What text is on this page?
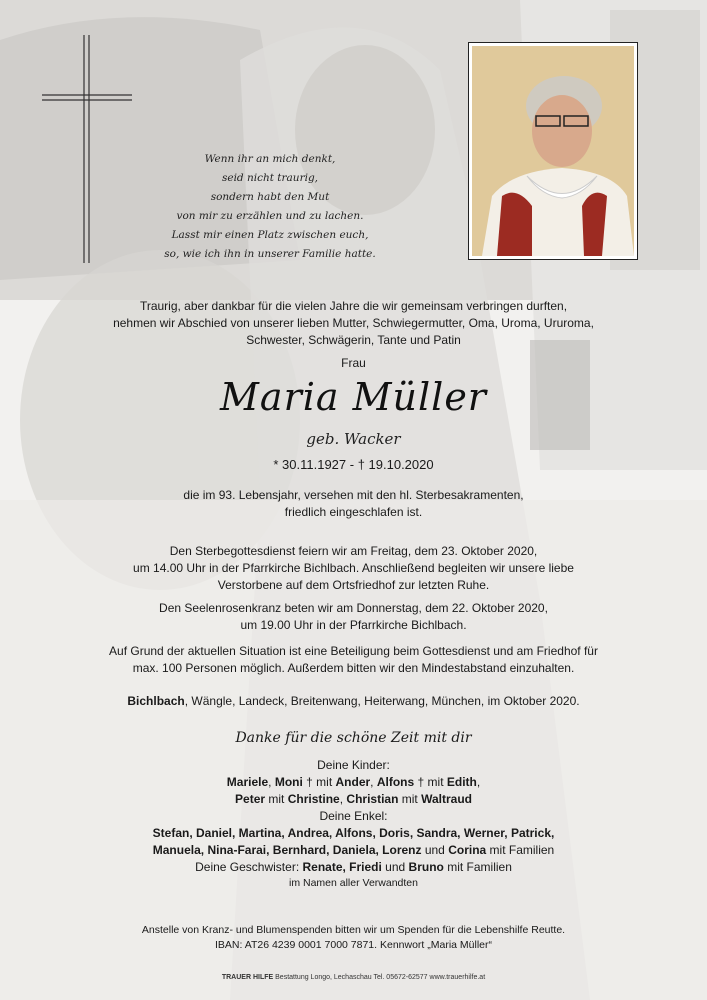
Wenn ihr an mich denkt,
seid nicht traurig,
sondern habt den Mut
von mir zu erzählen und zu lachen.
Lasst mir einen Platz zwischen euch,
so, wie ich ihn in unserer Familie hatte.
Traurig, aber dankbar für die vielen Jahre die wir gemeinsam verbringen durften,
nehmen wir Abschied von unserer lieben Mutter, Schwiegermutter, Oma, Uroma, Ururoma,
Schwester, Schwägerin, Tante und Patin
Frau
Maria Müller
geb. Wacker
* 30.11.1927 - † 19.10.2020
die im 93. Lebensjahr, versehen mit den hl. Sterbesakramenten,
friedlich eingeschlafen ist.
Den Sterbegottesdienst feiern wir am Freitag, dem 23. Oktober 2020,
um 14.00 Uhr in der Pfarrkirche Bichlbach. Anschließend begleiten wir unsere liebe
Verstorbene auf dem Ortsfriedhof zur letzten Ruhe.
Den Seelenrosenkranz beten wir am Donnerstag, dem 22. Oktober 2020,
um 19.00 Uhr in der Pfarrkirche Bichlbach.
Auf Grund der aktuellen Situation ist eine Beteiligung beim Gottesdienst und am Friedhof für
max. 100 Personen möglich. Außerdem bitten wir den Mindestabstand einzuhalten.
Bichlbach, Wängle, Landeck, Breitenwang, Heiterwang, München, im Oktober 2020.
Danke für die schöne Zeit mit dir
Deine Kinder:
Mariele, Moni † mit Ander, Alfons † mit Edith,
Peter mit Christine, Christian mit Waltraud
Deine Enkel:
Stefan, Daniel, Martina, Andrea, Alfons, Doris, Sandra, Werner, Patrick,
Manuela, Nina-Farai, Bernhard, Daniela, Lorenz und Corina mit Familien
Deine Geschwister: Renate, Friedi und Bruno mit Familien
im Namen aller Verwandten
Anstelle von Kranz- und Blumenspenden bitten wir um Spenden für die Lebenshilfe Reutte.
IBAN: AT26 4239 0001 7000 7871. Kennwort „Maria Müller“
TRAUER HILFE Bestattung Longo, Lechaschau Tel. 05672-62577 www.trauerhilfe.at
